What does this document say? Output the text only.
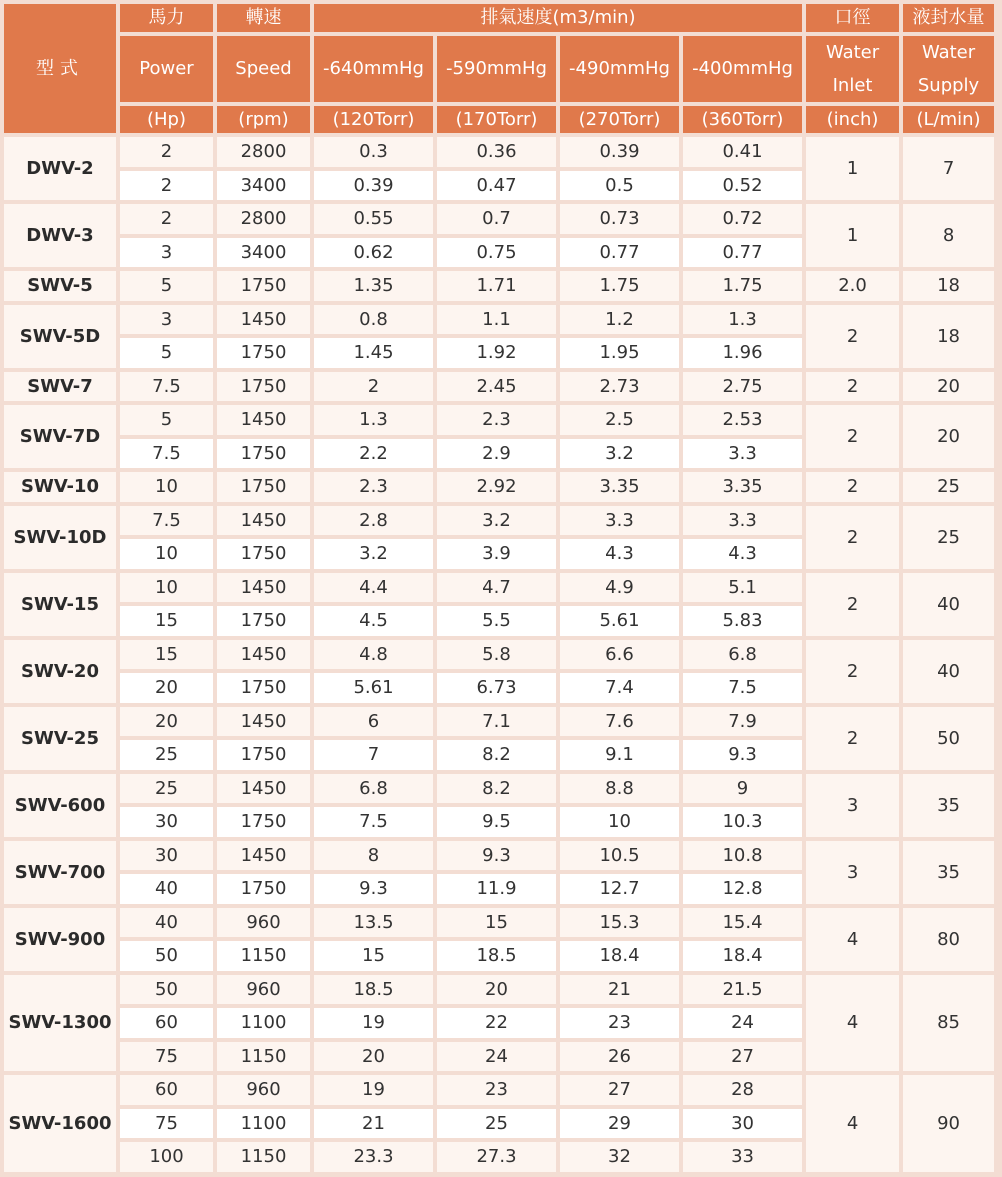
型式	馬力	轉速	排氣速度(m3/min)				口徑	液封水量
	Power	Speed	-640mmHg	-590mmHg	-490mmHg	-400mmHg	Water Inlet	Water Supply
	(Hp)	(rpm)	(120Torr)	(170Torr)	(270Torr)	(360Torr)	(inch)	(L/min)
DWV-2	2	2800	0.3	0.36	0.39	0.41	1	7
	2	3400	0.39	0.47	0.5	0.52		
DWV-3	2	2800	0.55	0.7	0.73	0.72	1	8
	3	3400	0.62	0.75	0.77	0.77		
SWV-5	5	1750	1.35	1.71	1.75	1.75	2.0	18
SWV-5D	3	1450	0.8	1.1	1.2	1.3	2	18
	5	1750	1.45	1.92	1.95	1.96		
SWV-7	7.5	1750	2	2.45	2.73	2.75	2	20
SWV-7D	5	1450	1.3	2.3	2.5	2.53	2	20
	7.5	1750	2.2	2.9	3.2	3.3		
SWV-10	10	1750	2.3	2.92	3.35	3.35	2	25
SWV-10D	7.5	1450	2.8	3.2	3.3	3.3	2	25
	10	1750	3.2	3.9	4.3	4.3		
SWV-15	10	1450	4.4	4.7	4.9	5.1	2	40
	15	1750	4.5	5.5	5.61	5.83		
SWV-20	15	1450	4.8	5.8	6.6	6.8	2	40
	20	1750	5.61	6.73	7.4	7.5		
SWV-25	20	1450	6	7.1	7.6	7.9	2	50
	25	1750	7	8.2	9.1	9.3		
SWV-600	25	1450	6.8	8.2	8.8	9	3	35
	30	1750	7.5	9.5	10	10.3		
SWV-700	30	1450	8	9.3	10.5	10.8	3	35
	40	1750	9.3	11.9	12.7	12.8		
SWV-900	40	960	13.5	15	15.3	15.4	4	80
	50	1150	15	18.5	18.4	18.4		
SWV-1300	50	960	18.5	20	21	21.5	4	85
	60	1100	19	22	23	24		
	75	1150	20	24	26	27		
SWV-1600	60	960	19	23	27	28	4	90
	75	1100	21	25	29	30		
	100	1150	23.3	27.3	32	33		
